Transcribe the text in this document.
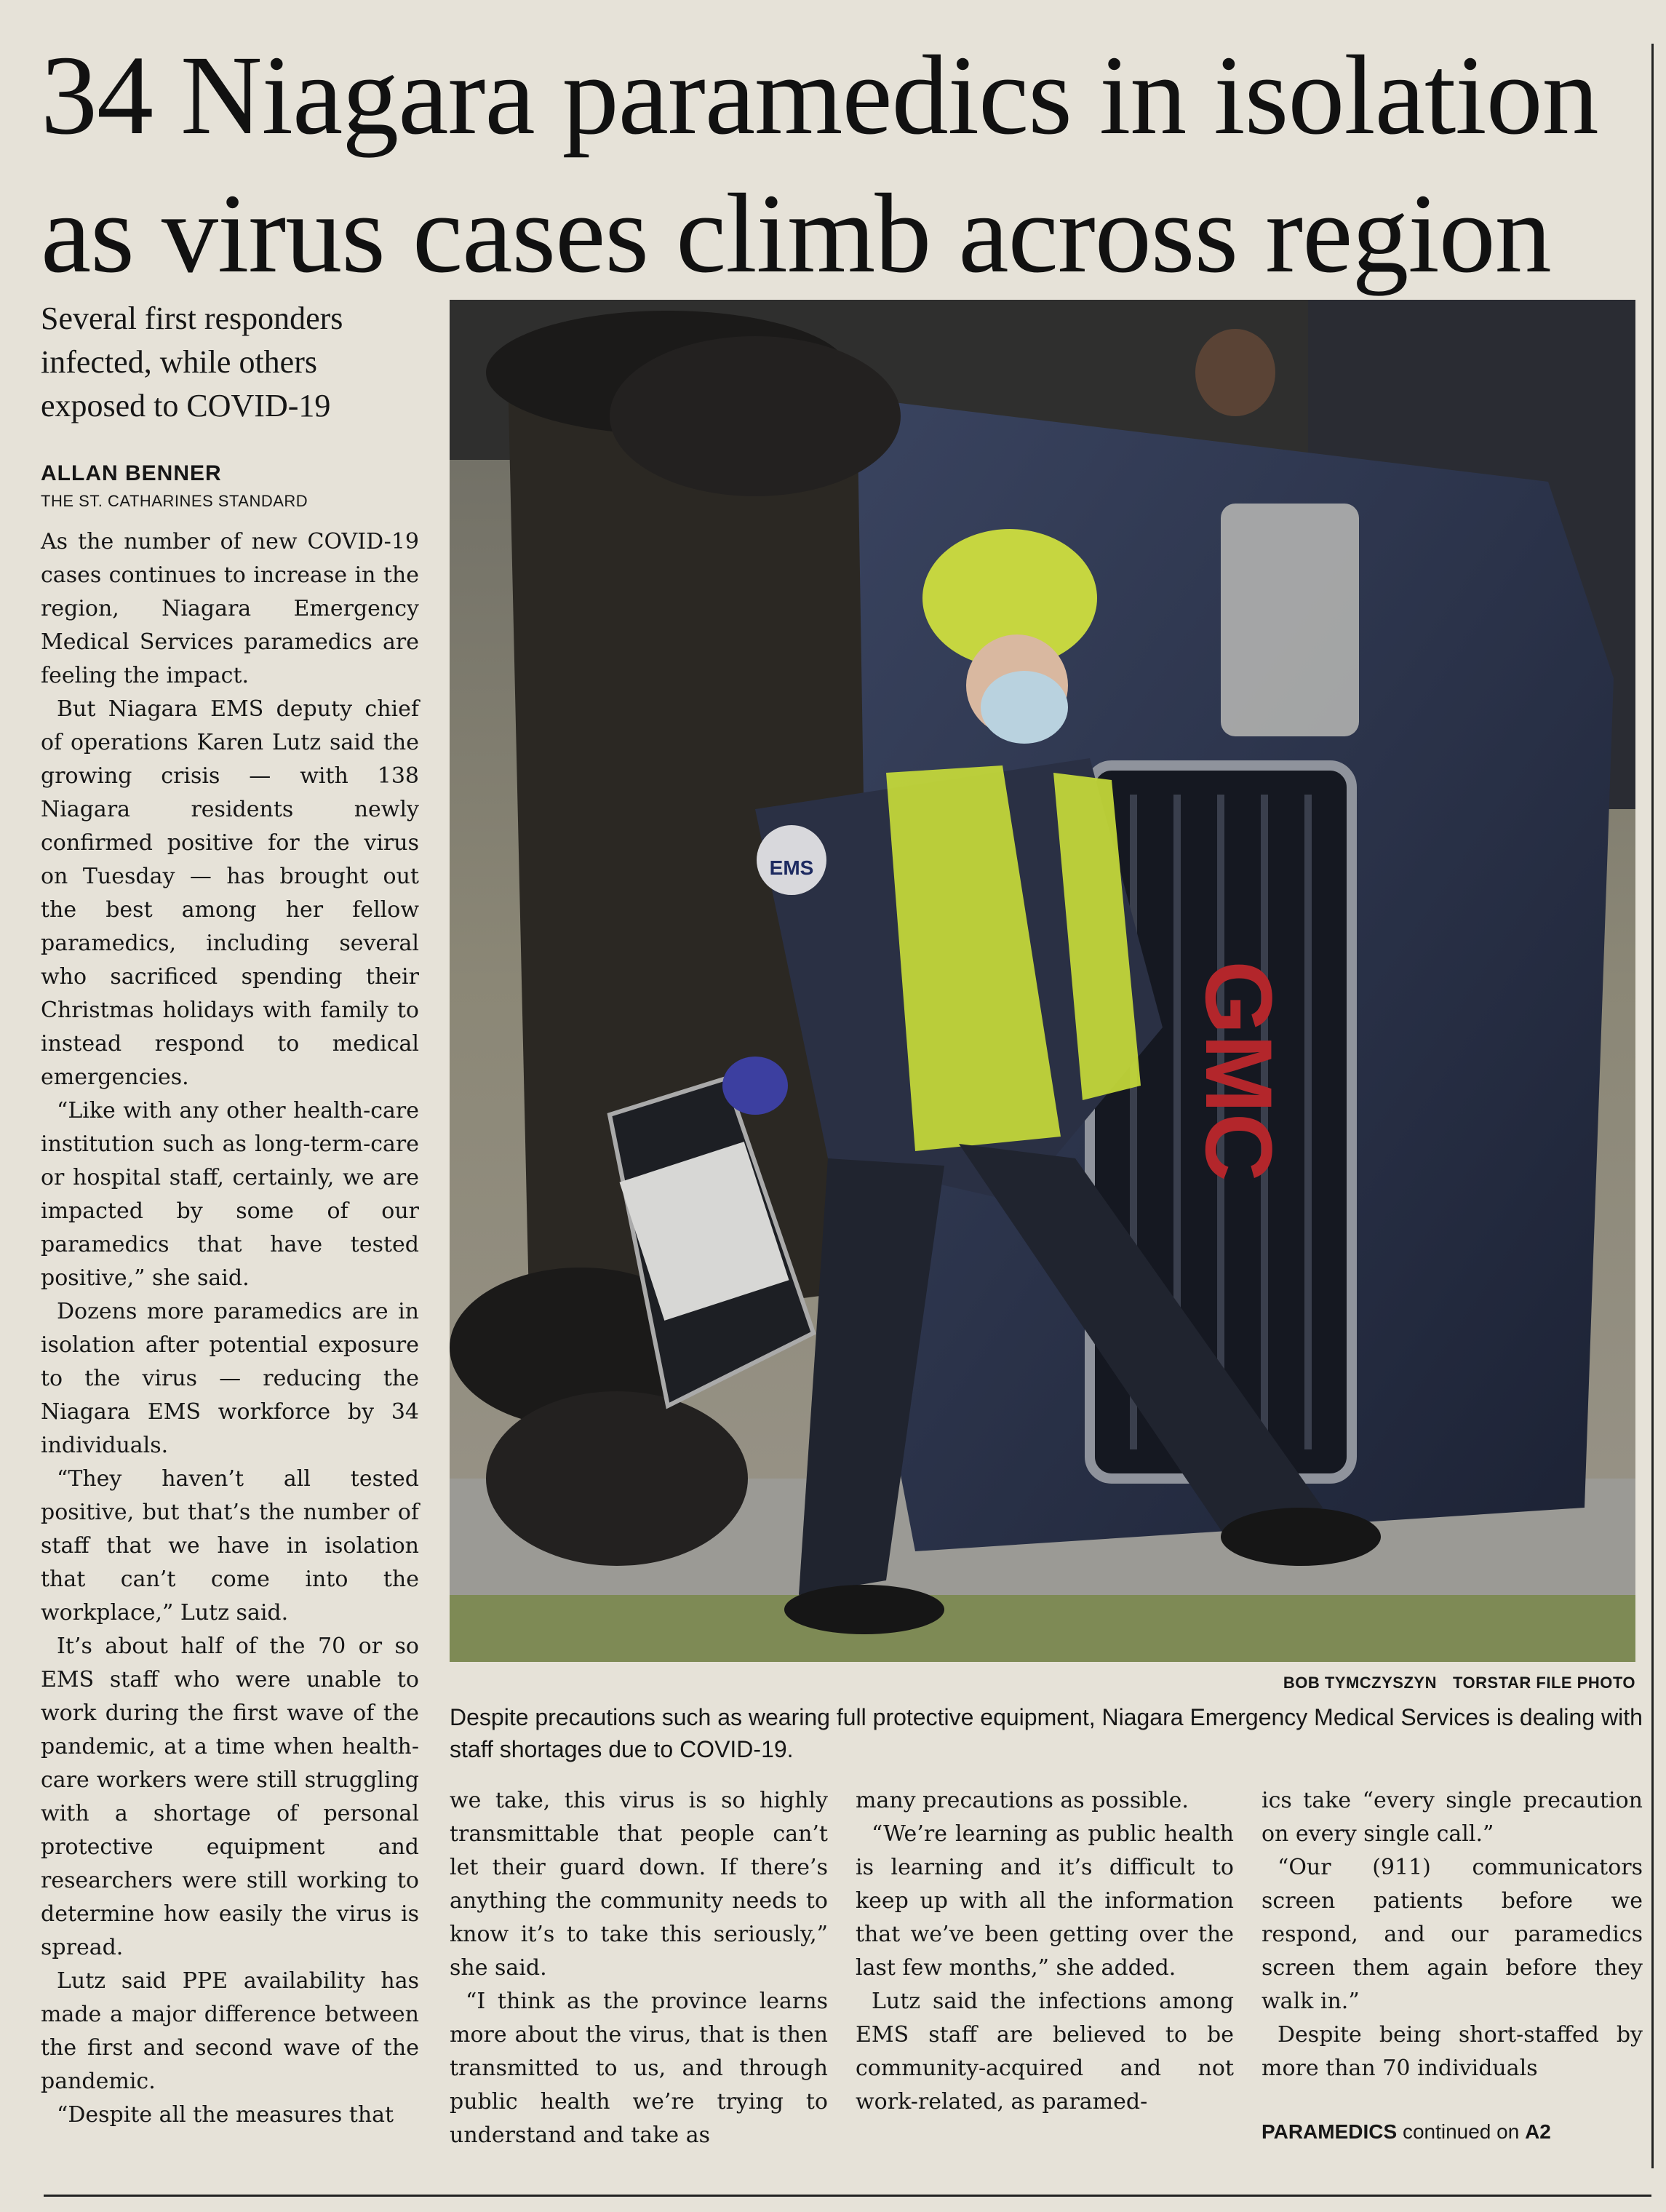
34 Niagara paramedics in isolation
as virus cases climb across region
Several first responders
infected, while others
exposed to COVID-19
ALLAN BENNER
THE ST. CATHARINES STANDARD

As the number of new COVID-19 cases continues to increase in the region, Niagara Emergency Medical Services paramedics are feeling the impact.

But Niagara EMS deputy chief of operations Karen Lutz said the growing crisis — with 138 Niagara residents newly confirmed positive for the virus on Tuesday — has brought out the best among her fellow paramedics, including several who sacrificed spending their Christmas holidays with family to instead respond to medical emergencies.

“Like with any other health-care institution such as long-term-care or hospital staff, certainly, we are impacted by some of our paramedics that have tested positive,” she said.

Dozens more paramedics are in isolation after potential exposure to the virus — reducing the Niagara EMS workforce by 34 individuals.

“They haven’t all tested positive, but that’s the number of staff that we have in isolation that can’t come into the workplace,” Lutz said.

It’s about half of the 70 or so EMS staff who were unable to work during the first wave of the pandemic, at a time when health-care workers were still struggling with a shortage of personal protective equipment and researchers were still working to determine how easily the virus is spread.

Lutz said PPE availability has made a major difference between the first and second wave of the pandemic.

“Despite all the measures that

GMC
EMS
BOB TYMCZYSZYN TORSTAR FILE PHOTO
Despite precautions such as wearing full protective equipment, Niagara Emergency Medical Services is dealing with staff shortages due to COVID-19.

we take, this virus is so highly transmittable that people can’t let their guard down. If there’s anything the community needs to know it’s to take this seriously,” she said.

“I think as the province learns more about the virus, that is then transmitted to us, and through public health we’re trying to understand and take as

many precautions as possible.

“We’re learning as public health is learning and it’s difficult to keep up with all the information that we’ve been getting over the last few months,” she added.

Lutz said the infections among EMS staff are believed to be community-acquired and not work-related, as paramed-

ics take “every single precaution on every single call.”

“Our (911) communicators screen patients before we respond, and our paramedics screen them again before they walk in.”

Despite being short-staffed by more than 70 individuals

PARAMEDICS continued on A2
